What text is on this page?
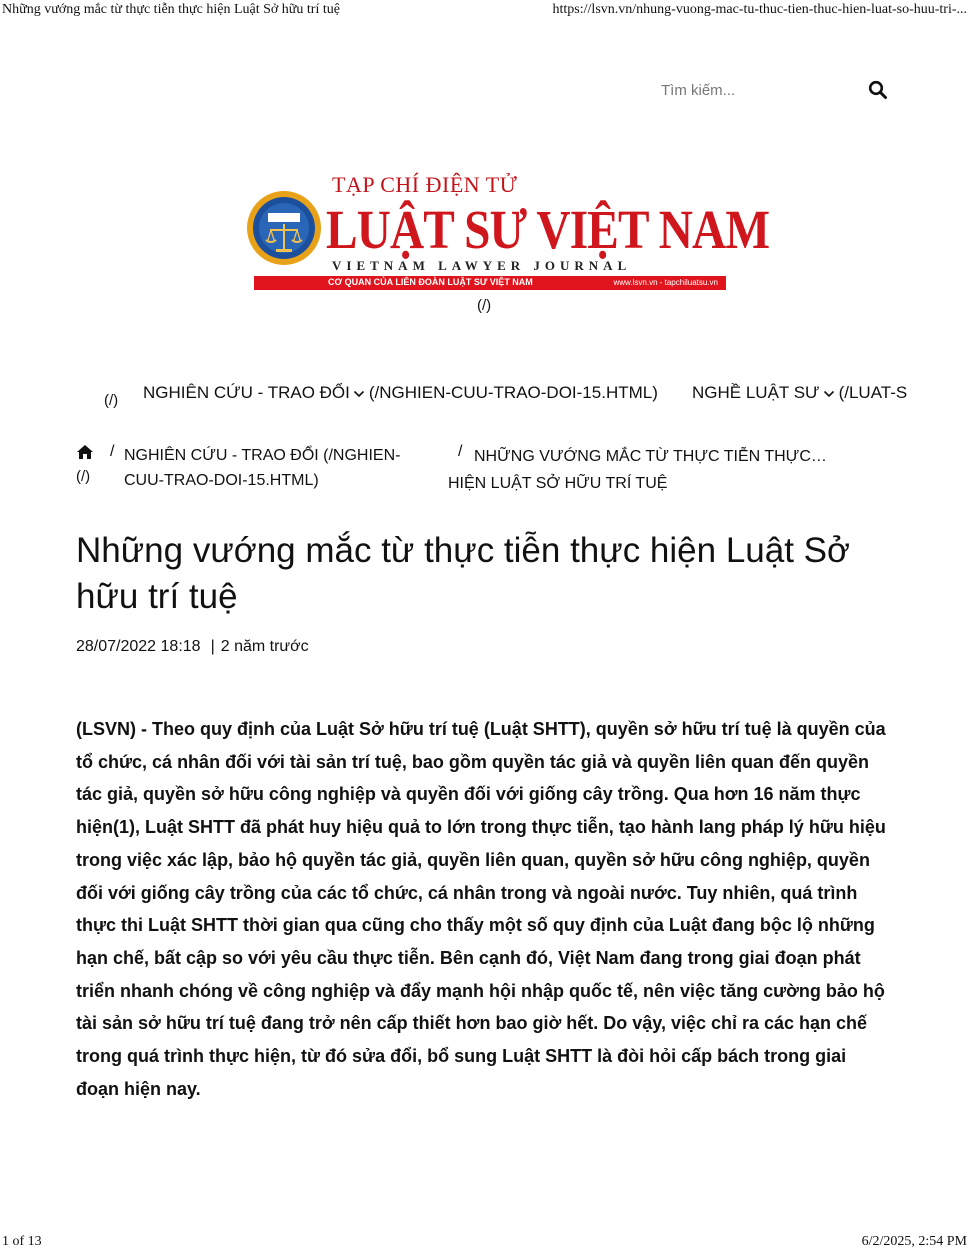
Những vướng mắc từ thực tiễn thực hiện Luật Sở hữu trí tuệ	https://lsvn.vn/nhung-vuong-mac-tu-thuc-tien-thuc-hien-luat-so-huu-tri-...
Tìm kiếm...
TẠP CHÍ ĐIỆN TỬ
LUẬT SƯ VIỆT NAM
VIETNAM LAWYER JOURNAL
CƠ QUAN CỦA LIÊN ĐOÀN LUẬT SƯ VIỆT NAM	www.lsvn.vn - tapchiluatsu.vn
(/)
(/) NGHIÊN CỨU - TRAO ĐỔI (/NGHIEN-CUU-TRAO-DOI-15.HTML) NGHỀ LUẬT SƯ (/LUAT-S
(/)
/ NGHIÊN CỨU - TRAO ĐỔI (/NGHIEN-CUU-TRAO-DOI-15.HTML)
/ NHỮNG VƯỚNG MẮC TỪ THỰC TIỄN THỰC…
HIỆN LUẬT SỞ HỮU TRÍ TUỆ
Những vướng mắc từ thực tiễn thực hiện Luật Sở hữu trí tuệ
28/07/2022 18:18 | 2 năm trước

(LSVN) - Theo quy định của Luật Sở hữu trí tuệ (Luật SHTT), quyền sở hữu trí tuệ là quyền của tổ chức, cá nhân đối với tài sản trí tuệ, bao gồm quyền tác giả và quyền liên quan đến quyền tác giả, quyền sở hữu công nghiệp và quyền đối với giống cây trồng. Qua hơn 16 năm thực hiện(1), Luật SHTT đã phát huy hiệu quả to lớn trong thực tiễn, tạo hành lang pháp lý hữu hiệu trong việc xác lập, bảo hộ quyền tác giả, quyền liên quan, quyền sở hữu công nghiệp, quyền đối với giống cây trồng của các tổ chức, cá nhân trong và ngoài nước. Tuy nhiên, quá trình thực thi Luật SHTT thời gian qua cũng cho thấy một số quy định của Luật đang bộc lộ những hạn chế, bất cập so với yêu cầu thực tiễn. Bên cạnh đó, Việt Nam đang trong giai đoạn phát triển nhanh chóng về công nghiệp và đẩy mạnh hội nhập quốc tế, nên việc tăng cường bảo hộ tài sản sở hữu trí tuệ đang trở nên cấp thiết hơn bao giờ hết. Do vậy, việc chỉ ra các hạn chế trong quá trình thực hiện, từ đó sửa đổi, bổ sung Luật SHTT là đòi hỏi cấp bách trong giai đoạn hiện nay.

1 of 13	6/2/2025, 2:54 PM
